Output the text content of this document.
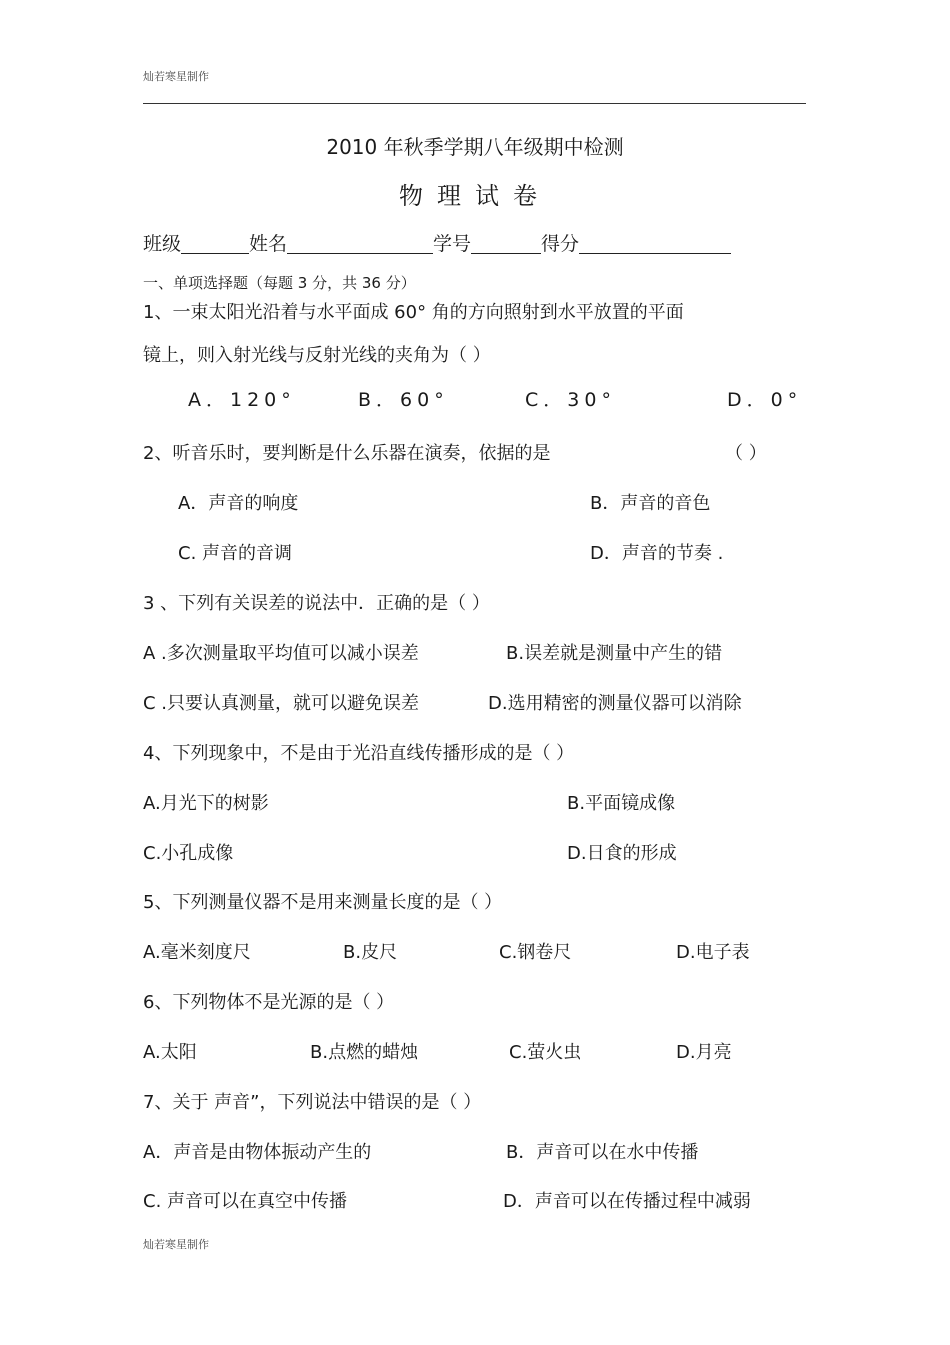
灿若寒星制作
2010 年秋季学期八年级期中检测
物理试卷
班级	姓名	学号	得分
一、单项选择题（每题 3 分，共 36 分）
1、一束太阳光沿着与水平面成 60° 角的方向照射到水平放置的平面
镜上，则入射光线与反射光线的夹角为（ ）
A．120°	B．60°	C．30°	D．0°
2、听音乐时，要判断是什么乐器在演奏，依据的是	（ ）
A．声音的响度	B．声音的音色
C. 声音的音调	D．声音的节奏 .
3 、下列有关误差的说法中．正确的是（ ）
A .多次测量取平均值可以减小误差	B.误差就是测量中产生的错
C .只要认真测量，就可以避免误差	D.选用精密的测量仪器可以消除
4、下列现象中，不是由于光沿直线传播形成的是（ ）
A.月光下的树影	B.平面镜成像
C.小孔成像	D.日食的形成
5、下列测量仪器不是用来测量长度的是（ ）
A.毫米刻度尺	B.皮尺	C.钢卷尺	D.电子表
6、下列物体不是光源的是（ ）
A.太阳	B.点燃的蜡烛	C.萤火虫	D.月亮
7、关于 声音”，下列说法中错误的是（ ）
A．声音是由物体振动产生的	B．声音可以在水中传播
C. 声音可以在真空中传播	D．声音可以在传播过程中减弱
灿若寒星制作
